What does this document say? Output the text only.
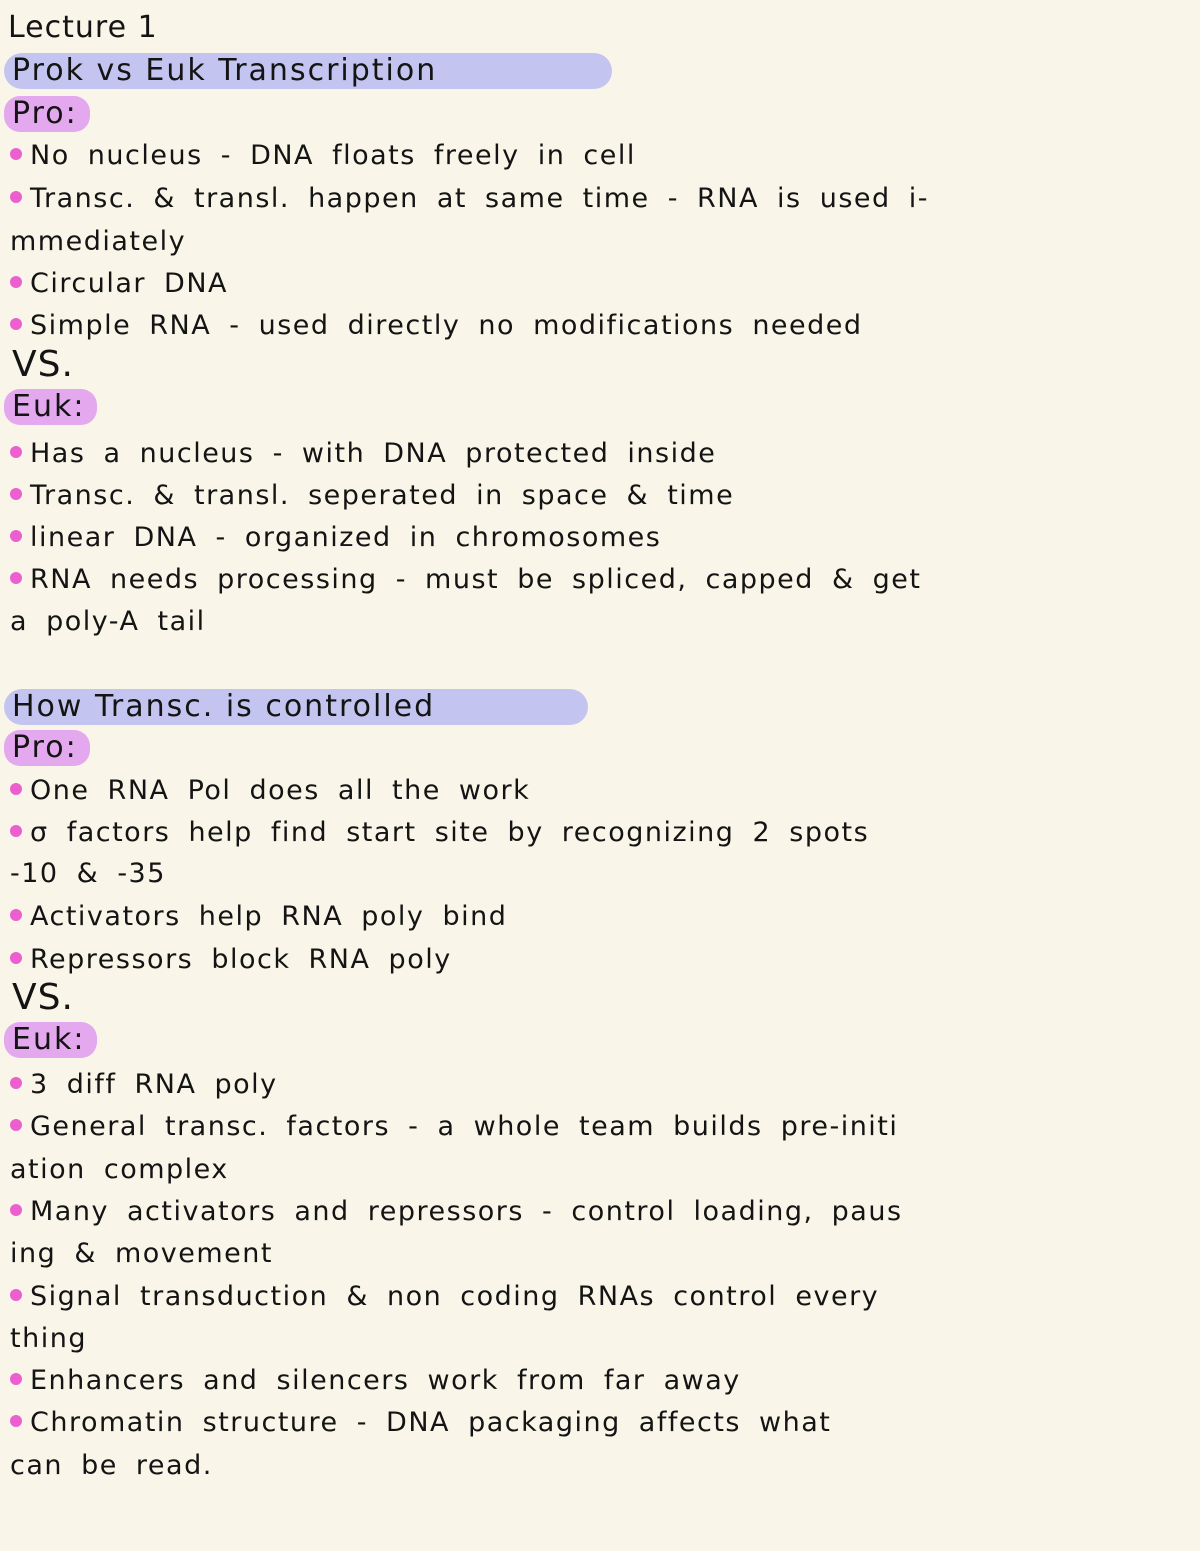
Lecture 1
Prok vs Euk Transcription
Pro:
No nucleus - DNA floats freely in cell
Transc. & transl. happen at same time - RNA is used i-
mmediately
Circular DNA
Simple RNA - used directly no modifications needed
VS.
Euk:
Has a nucleus - with DNA protected inside
Transc. & transl. seperated in space & time
linear DNA - organized in chromosomes
RNA needs processing - must be spliced, capped & get
a poly-A tail
How Transc. is controlled
Pro:
One RNA Pol does all the work
σ factors help find start site by recognizing 2 spots
-10 & -35
Activators help RNA poly bind
Repressors block RNA poly
VS.
Euk:
3 diff RNA poly
General transc. factors - a whole team builds pre-initi
ation complex
Many activators and repressors - control loading, paus
ing & movement
Signal transduction & non coding RNAs control every
thing
Enhancers and silencers work from far away
Chromatin structure - DNA packaging affects what
can be read.
